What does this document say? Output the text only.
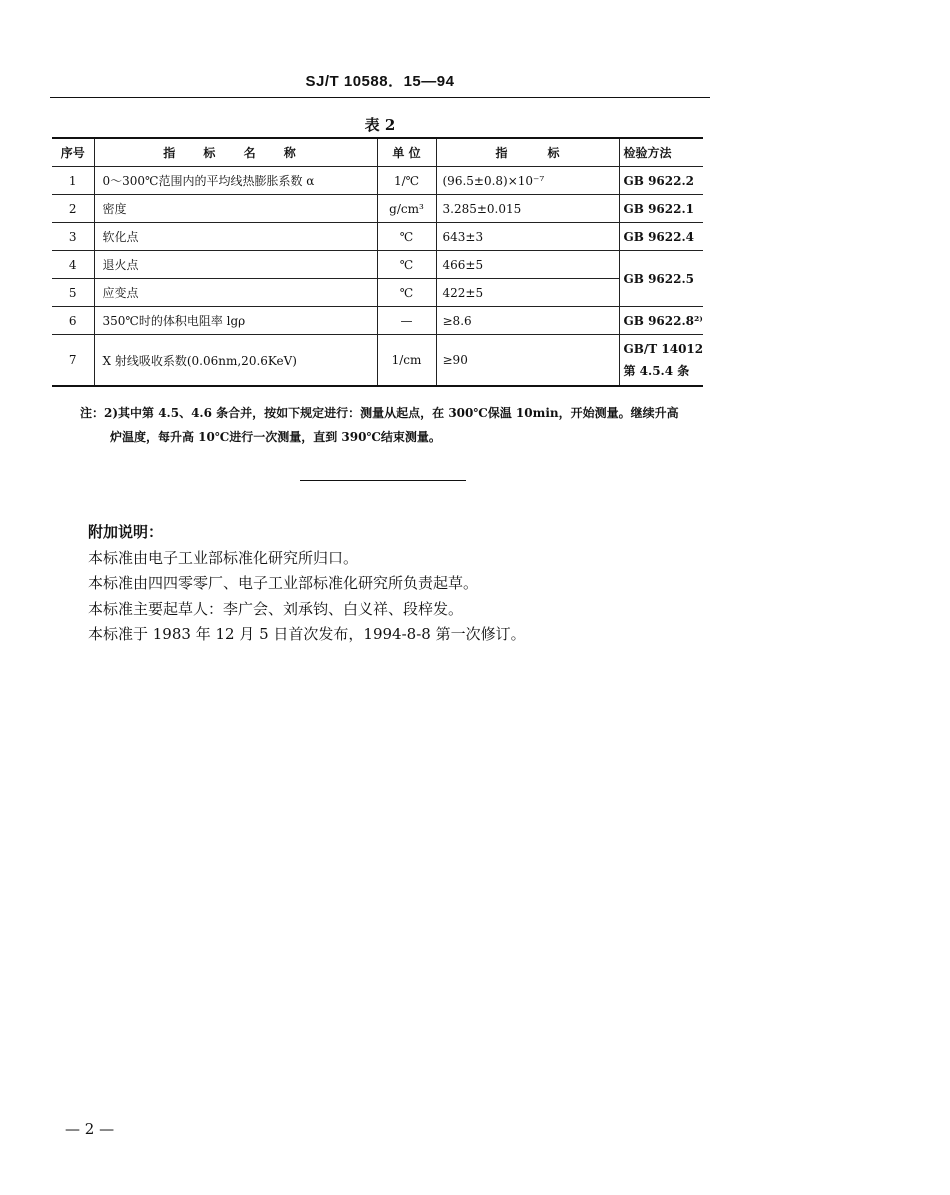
SJ/T 10588．15—94
表 2
序号	指 标 名 称	单 位	指 标	检验方法
1	0～300℃范围内的平均线热膨胀系数 α	1/℃	(96.5±0.8)×10⁻⁷	GB 9622.2
2	密度	g/cm³	3.285±0.015	GB 9622.1
3	软化点	℃	643±3	GB 9622.4
4	退火点	℃	466±5	GB 9622.5
5	应变点	℃	422±5	
6	350℃时的体积电阻率 lgρ	—	≥8.6	GB 9622.8²⁾
7	X 射线吸收系数(0.06nm,20.6KeV)	1/cm	≥90	GB/T 14012
第 4.5.4 条
注：2)其中第 4.5、4.6 条合并，按如下规定进行：测量从起点，在 300℃保温 10min，开始测量。继续升高
炉温度，每升高 10℃进行一次测量，直到 390℃结束测量。
附加说明：
本标准由电子工业部标准化研究所归口。
本标准由四四零零厂、电子工业部标准化研究所负责起草。
本标准主要起草人：李广会、刘承钧、白义祥、段梓发。
本标准于 1983 年 12 月 5 日首次发布，1994-8-8 第一次修订。
— 2 —
